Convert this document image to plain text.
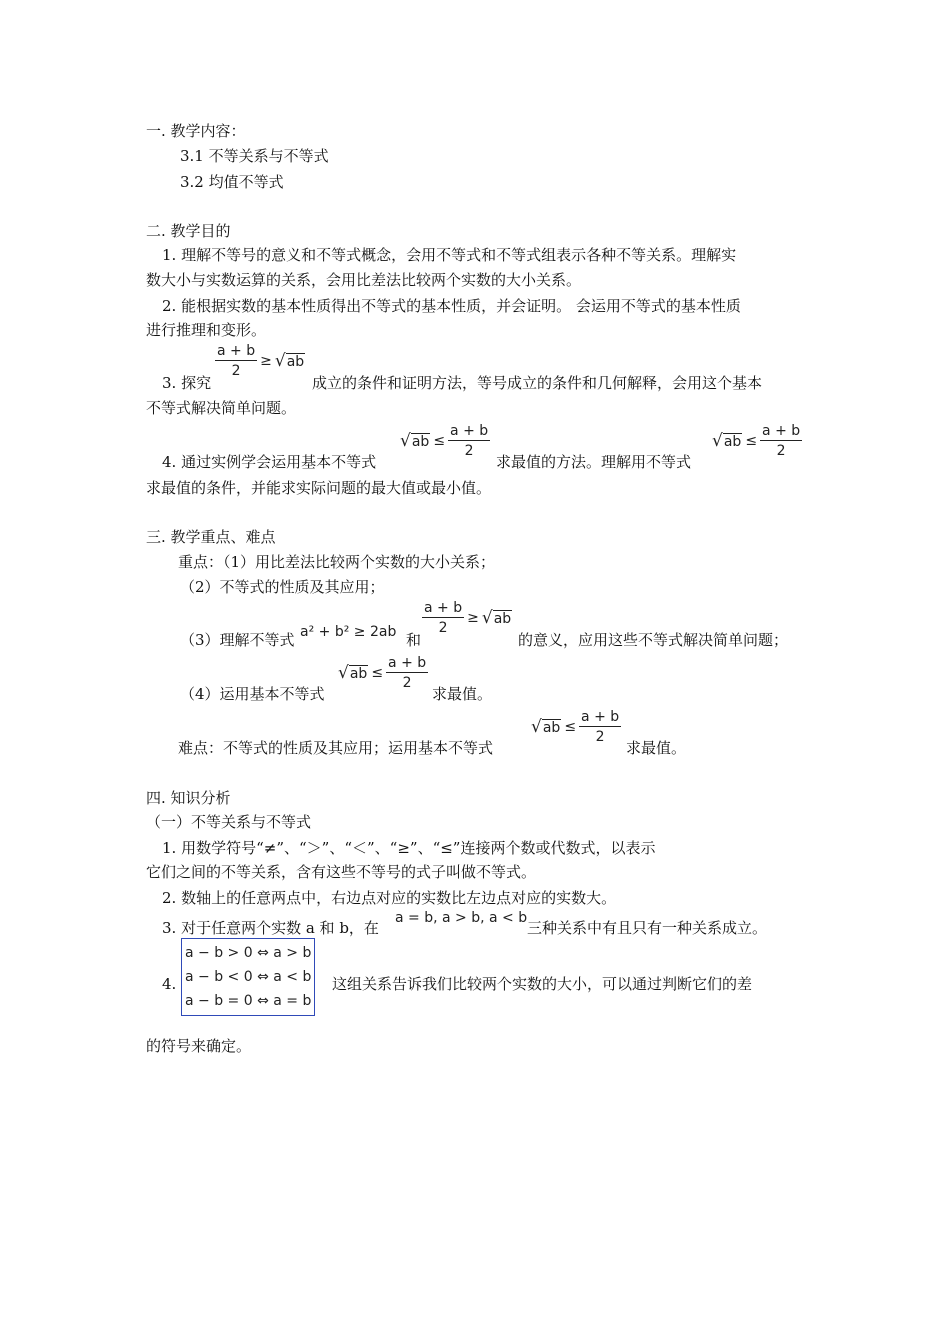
一. 教学内容：
3.1 不等关系与不等式
3.2 均值不等式
二. 教学目的
1. 理解不等号的意义和不等式概念，会用不等式和不等式组表示各种不等关系。理解实
数大小与实数运算的关系，会用比差法比较两个实数的大小关系。
2. 能根据实数的基本性质得出不等式的基本性质，并会证明。 会运用不等式的基本性质
进行推理和变形。
$\frac{a + b}{2} \ge √ab$
3. 探究	成立的条件和证明方法，等号成立的条件和几何解释，会用这个基本
不等式解决简单问题。
$√ab \le \frac{a + b}{2}$	$√ab \le \frac{a + b}{2}$
4. 通过实例学会运用基本不等式	求最值的方法。理解用不等式
求最值的条件，并能求实际问题的最大值或最小值。
三. 教学重点、难点
重点：（1）用比差法比较两个实数的大小关系；
（2）不等式的性质及其应用；
（3）理解不等式 a² + b² ≥ 2ab 和
$\frac{a + b}{2} \ge √ab$
的意义，应用这些不等式解决简单问题；
$√ab \le \frac{a + b}{2}$
（4）运用基本不等式	求最值。
$√ab \le \frac{a + b}{2}$
难点：不等式的性质及其应用；运用基本不等式	求最值。
四. 知识分析
（一）不等关系与不等式
1. 用数学符号“≠”、“＞”、“＜”、“≥”、“≤”连接两个数或代数式，以表示
它们之间的不等关系，含有这些不等号的式子叫做不等式。
2. 数轴上的任意两点中，右边点对应的实数比左边点对应的实数大。
3. 对于任意两个实数 a 和 b，在
a = b, a > b, a < b
三种关系中有且只有一种关系成立。
4.
a − b > 0 ⇔ a > b
a − b < 0 ⇔ a < b
a − b = 0 ⇔ a = b
这组关系告诉我们比较两个实数的大小，可以通过判断它们的差
的符号来确定。
